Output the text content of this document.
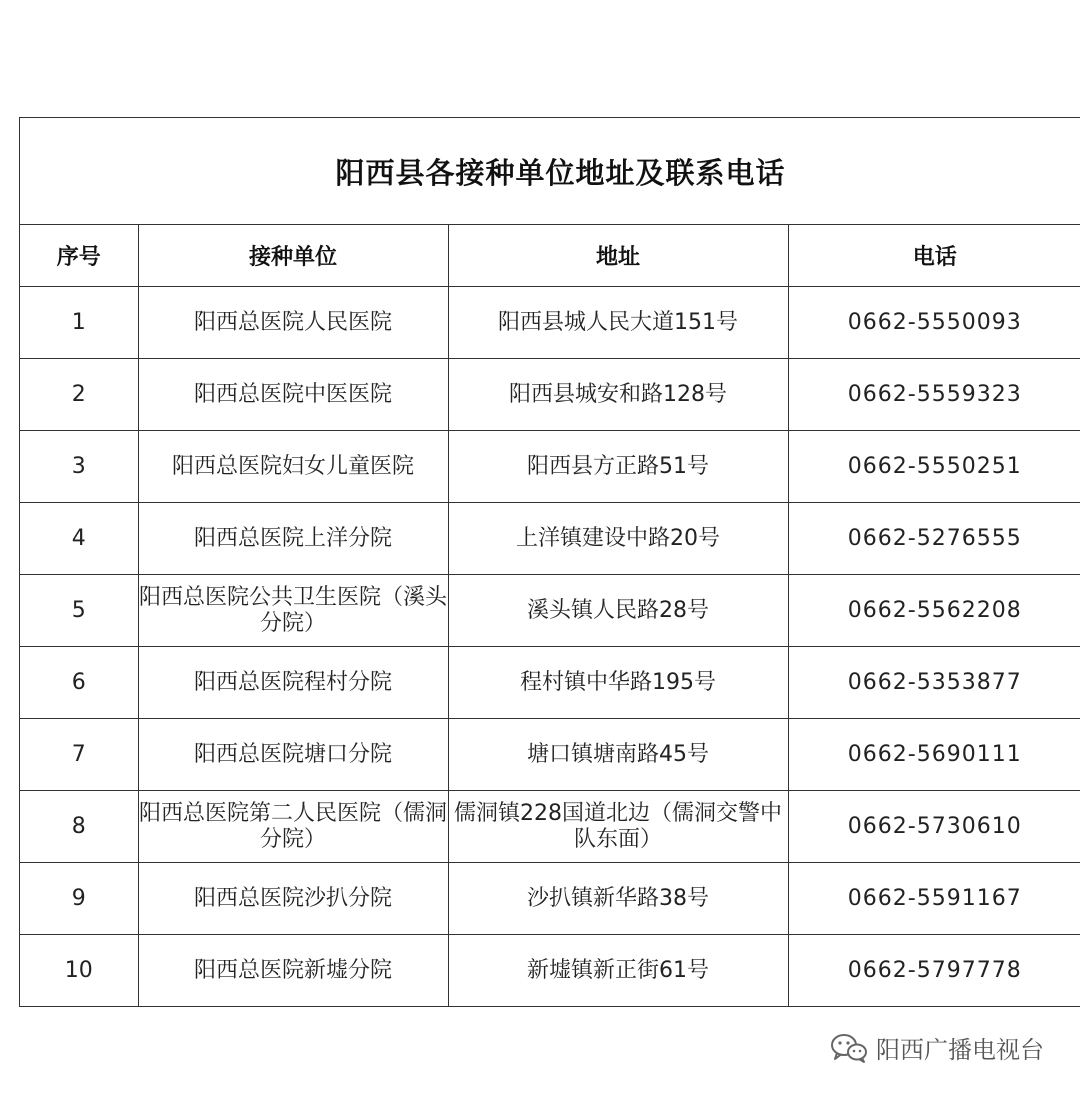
阳西县各接种单位地址及联系电话
序号	接种单位	地址	电话
1	阳西总医院人民医院	阳西县城人民大道151号	0662-5550093
2	阳西总医院中医医院	阳西县城安和路128号	0662-5559323
3	阳西总医院妇女儿童医院	阳西县方正路51号	0662-5550251
4	阳西总医院上洋分院	上洋镇建设中路20号	0662-5276555
5	阳西总医院公共卫生医院（溪头分院）	溪头镇人民路28号	0662-5562208
6	阳西总医院程村分院	程村镇中华路195号	0662-5353877
7	阳西总医院塘口分院	塘口镇塘南路45号	0662-5690111
8	阳西总医院第二人民医院（儒洞分院）	儒洞镇228国道北边（儒洞交警中队东面）	0662-5730610
9	阳西总医院沙扒分院	沙扒镇新华路38号	0662-5591167
10	阳西总医院新墟分院	新墟镇新正街61号	0662-5797778
阳西广播电视台
